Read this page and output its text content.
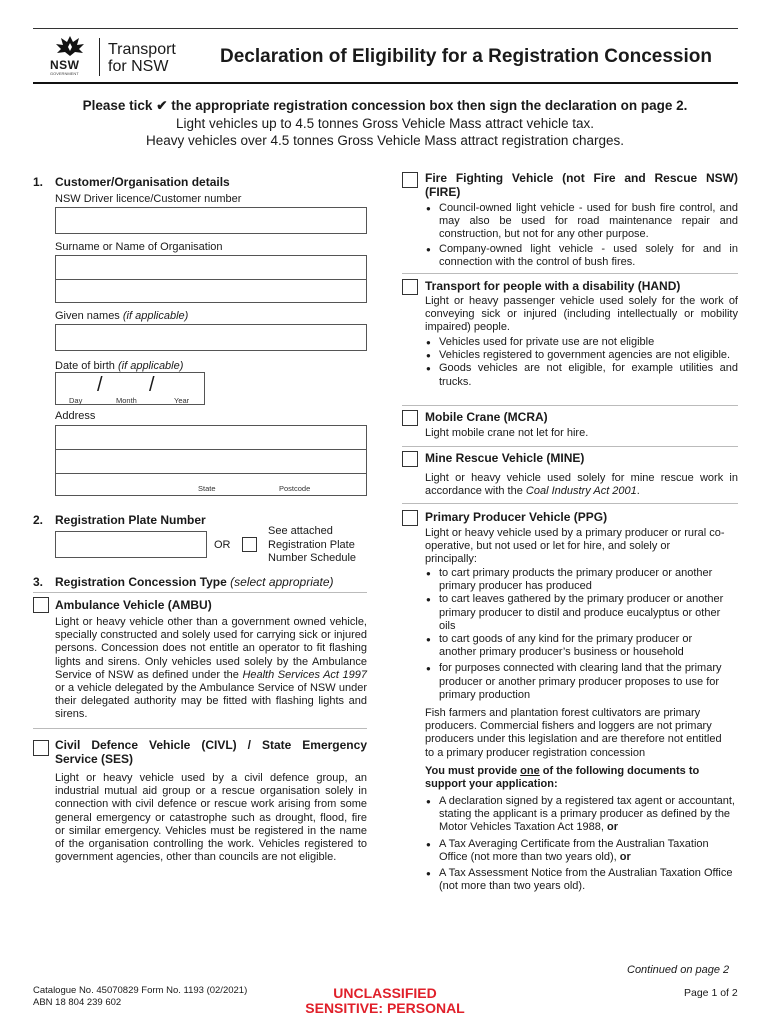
NSW
GOVERNMENT
Transport
for NSW	Declaration of Eligibility for a Registration Concession
Please tick ✔ the appropriate registration concession box then sign the declaration on page 2.
Light vehicles up to 4.5 tonnes Gross Vehicle Mass attract vehicle tax.
Heavy vehicles over 4.5 tonnes Gross Vehicle Mass attract registration charges.
1. Customer/Organisation details
NSW Driver licence/Customer number
Surname or Name of Organisation
Given names (if applicable)
Date of birth (if applicable)
/ /
Day	Month	Year
Address
State	Postcode
2. Registration Plate Number
OR
See attached
Registration Plate
Number Schedule
3. Registration Concession Type (select appropriate)
Ambulance Vehicle (AMBU)
Light or heavy vehicle other than a government owned vehicle, specially constructed and solely used for carrying sick or injured persons. Concession does not entitle an operator to fit flashing lights and sirens. Only vehicles used solely by the Ambulance Service of NSW as defined under the Health Services Act 1997 or a vehicle delegated by the Ambulance Service of NSW under their delegated authority may be fitted with flashing lights and sirens.
Civil Defence Vehicle (CIVL) / State Emergency Service (SES)
Light or heavy vehicle used by a civil defence group, an industrial mutual aid group or a rescue organisation solely in connection with civil defence or rescue work arising from some general emergency or catastrophe such as drought, flood, fire or similar emergency. Vehicles must be registered in the name of the organisation controlling the work. Vehicles registered to government agencies, other than councils are not eligible.
Fire Fighting Vehicle (not Fire and Rescue NSW) (FIRE)
● Council-owned light vehicle - used for bush fire control, and may also be used for road maintenance repair and construction, but not for any other purpose.
● Company-owned light vehicle - used solely for and in connection with the control of bush fires.
Transport for people with a disability (HAND)
Light or heavy passenger vehicle used solely for the work of conveying sick or injured (including intellectually or mobility impaired) people.
● Vehicles used for private use are not eligible
● Vehicles registered to government agencies are not eligible.
● Goods vehicles are not eligible, for example utilities and trucks.
Mobile Crane (MCRA)
Light mobile crane not let for hire.
Mine Rescue Vehicle (MINE)
Light or heavy vehicle used solely for mine rescue work in accordance with the Coal Industry Act 2001.
Primary Producer Vehicle (PPG)
Light or heavy vehicle used by a primary producer or rural co-operative, but not used or let for hire, and solely or principally:
● to cart primary products the primary producer or another primary producer has produced
● to cart leaves gathered by the primary producer or another primary producer to distil and produce eucalyptus or other oils
● to cart goods of any kind for the primary producer or another primary producer’s business or household
● for purposes connected with clearing land that the primary producer or another primary producer proposes to use for primary production
Fish farmers and plantation forest cultivators are primary producers. Commercial fishers and loggers are not primary producers under this legislation and are therefore not entitled to a primary producer registration concession
You must provide one of the following documents to support your application:
● A declaration signed by a registered tax agent or accountant, stating the applicant is a primary producer as defined by the Motor Vehicles Taxation Act 1988, or
● A Tax Averaging Certificate from the Australian Taxation Office (not more than two years old), or
● A Tax Assessment Notice from the Australian Taxation Office (not more than two years old).
Continued on page 2
Catalogue No. 45070829 Form No. 1193 (02/2021)
ABN 18 804 239 602
UNCLASSIFIED
SENSITIVE: PERSONAL
Page 1 of 2
